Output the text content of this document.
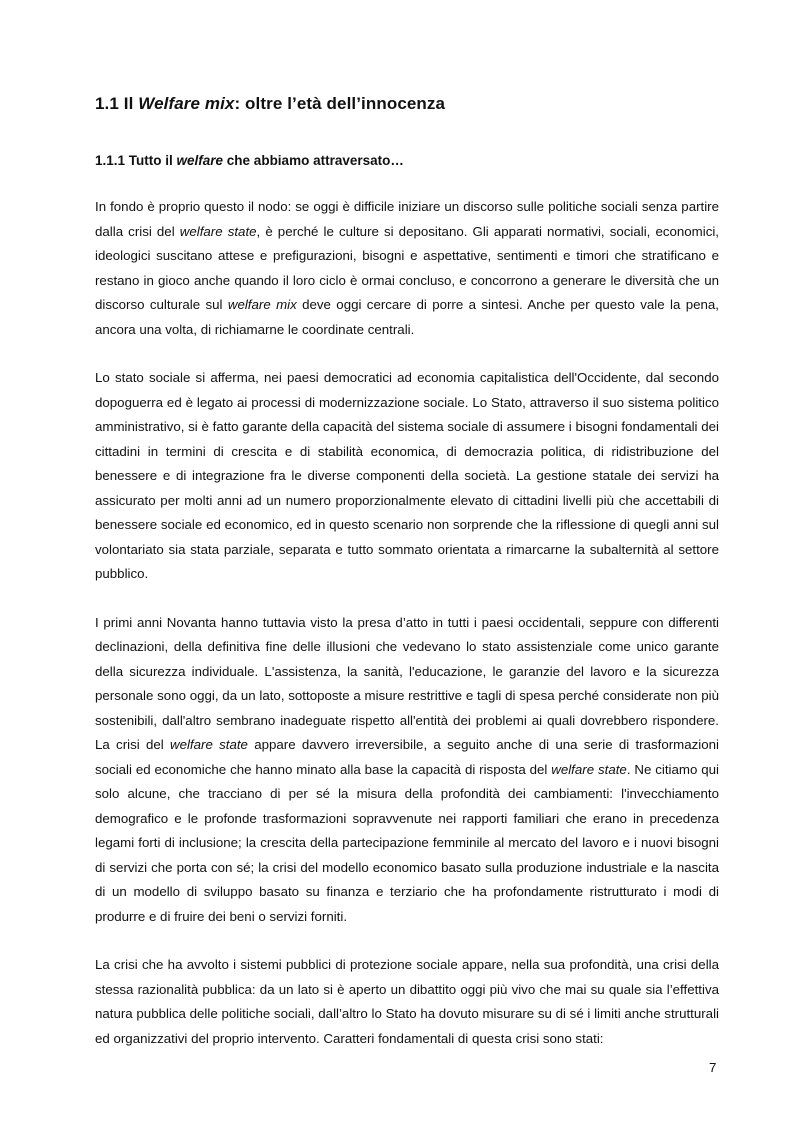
1.1 Il Welfare mix: oltre l’età dell’innocenza
1.1.1 Tutto il welfare che abbiamo attraversato…

In fondo è proprio questo il nodo: se oggi è difficile iniziare un discorso sulle politiche sociali senza partire dalla crisi del welfare state, è perché le culture si depositano. Gli apparati normativi, sociali, economici, ideologici suscitano attese e prefigurazioni, bisogni e aspettative, sentimenti e timori che stratificano e restano in gioco anche quando il loro ciclo è ormai concluso, e concorrono a generare le diversità che un discorso culturale sul welfare mix deve oggi cercare di porre a sintesi. Anche per questo vale la pena, ancora una volta, di richiamarne le coordinate centrali.

Lo stato sociale si afferma, nei paesi democratici ad economia capitalistica dell'Occidente, dal secondo dopoguerra ed è legato ai processi di modernizzazione sociale. Lo Stato, attraverso il suo sistema politico amministrativo, si è fatto garante della capacità del sistema sociale di assumere i bisogni fondamentali dei cittadini in termini di crescita e di stabilità economica, di democrazia politica, di ridistribuzione del benessere e di integrazione fra le diverse componenti della società. La gestione statale dei servizi ha assicurato per molti anni ad un numero proporzionalmente elevato di cittadini livelli più che accettabili di benessere sociale ed economico, ed in questo scenario non sorprende che la riflessione di quegli anni sul volontariato sia stata parziale, separata e tutto sommato orientata a rimarcarne la subalternità al settore pubblico.

I primi anni Novanta hanno tuttavia visto la presa d’atto in tutti i paesi occidentali, seppure con differenti declinazioni, della definitiva fine delle illusioni che vedevano lo stato assistenziale come unico garante della sicurezza individuale. L'assistenza, la sanità, l'educazione, le garanzie del lavoro e la sicurezza personale sono oggi, da un lato, sottoposte a misure restrittive e tagli di spesa perché considerate non più sostenibili, dall'altro sembrano inadeguate rispetto all'entità dei problemi ai quali dovrebbero rispondere. La crisi del welfare state appare davvero irreversibile, a seguito anche di una serie di trasformazioni sociali ed economiche che hanno minato alla base la capacità di risposta del welfare state. Ne citiamo qui solo alcune, che tracciano di per sé la misura della profondità dei cambiamenti: l'invecchiamento demografico e le profonde trasformazioni sopravvenute nei rapporti familiari che erano in precedenza legami forti di inclusione; la crescita della partecipazione femminile al mercato del lavoro e i nuovi bisogni di servizi che porta con sé; la crisi del modello economico basato sulla produzione industriale e la nascita di un modello di sviluppo basato su finanza e terziario che ha profondamente ristrutturato i modi di produrre e di fruire dei beni o servizi forniti.

La crisi che ha avvolto i sistemi pubblici di protezione sociale appare, nella sua profondità, una crisi della stessa razionalità pubblica: da un lato si è aperto un dibattito oggi più vivo che mai su quale sia l’effettiva natura pubblica delle politiche sociali, dall’altro lo Stato ha dovuto misurare su di sé i limiti anche strutturali ed organizzativi del proprio intervento. Caratteri fondamentali di questa crisi sono stati:

7
